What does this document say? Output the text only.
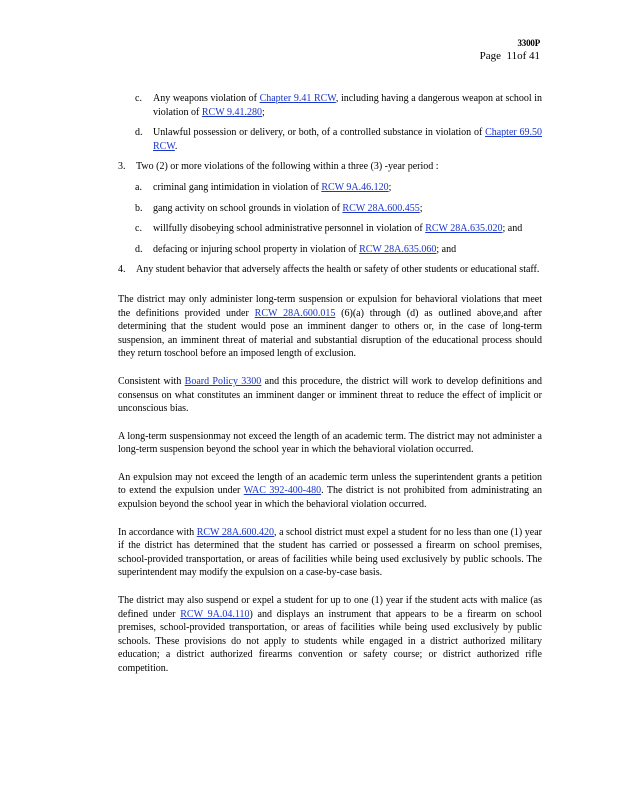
3300P
Page 11of 41
c.	Any weapons violation of Chapter 9.41 RCW, including having a dangerous weapon at school in violation of RCW 9.41.280;
d.	Unlawful possession or delivery, or both, of a controlled substance in violation of Chapter 69.50 RCW.
3.	Two (2) or more violations of the following within a three (3) -year period :
a.	criminal gang intimidation in violation of RCW 9A.46.120;
b.	gang activity on school grounds in violation of RCW 28A.600.455;
c.	willfully disobeying school administrative personnel in violation of RCW 28A.635.020; and
d.	defacing or injuring school property in violation of RCW 28A.635.060; and
4.	Any student behavior that adversely affects the health or safety of other students or educational staff.

The district may only administer long-term suspension or expulsion for behavioral violations that meet the definitions provided under RCW 28A.600.015 (6)(a) through (d) as outlined above,and after determining that the student would pose an imminent danger to others or, in the case of long-term suspension, an imminent threat of material and substantial disruption of the educational process should they return toschool before an imposed length of exclusion.

Consistent with Board Policy 3300 and this procedure, the district will work to develop definitions and consensus on what constitutes an imminent danger or imminent threat to reduce the effect of implicit or unconscious bias.

A long-term suspensionmay not exceed the length of an academic term. The district may not administer a long-term suspension beyond the school year in which the behavioral violation occurred.

An expulsion may not exceed the length of an academic term unless the superintendent grants a petition to extend the expulsion under WAC 392-400-480. The district is not prohibited from administrating an expulsion beyond the school year in which the behavioral violation occurred.

In accordance with RCW 28A.600.420, a school district must expel a student for no less than one (1) year if the district has determined that the student has carried or possessed a firearm on school premises, school-provided transportation, or areas of facilities while being used exclusively by public schools. The superintendent may modify the expulsion on a case-by-case basis.

The district may also suspend or expel a student for up to one (1) year if the student acts with malice (as defined under RCW 9A.04.110) and displays an instrument that appears to be a firearm on school premises, school-provided transportation, or areas of facilities while being used exclusively by public schools. These provisions do not apply to students while engaged in a district authorized military education; a district authorized firearms convention or safety course; or district authorized rifle competition.
